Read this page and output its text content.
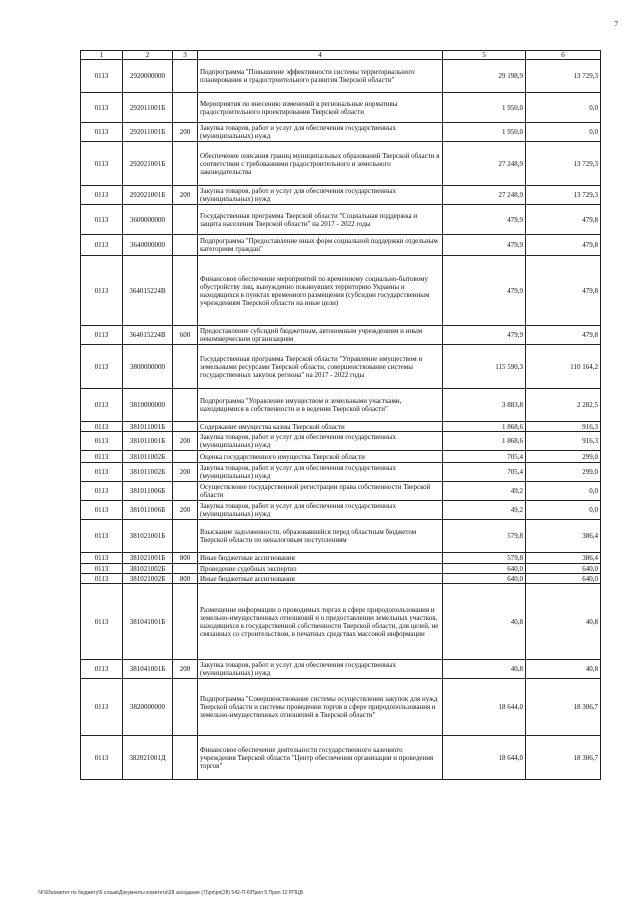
7
1	2	3	4	5	6
0113	2920000000		Подпрограмма "Повышение эффективности системы территориального планирования и градостроительного развития Тверской области"	29 198,9	13 729,3
0113	292011001Б		Мероприятия по внесению изменений в региональные нормативы градостроительного проектирования Тверской области	1 950,0	0,0
0113	292011001Б	200	Закупка товаров, работ и услуг для обеспечения государственных (муниципальных) нужд	1 950,0	0,0
0113	292021001Б		Обеспечение описания границ муниципальных образований Тверской области в соответствии с требованиями градостроительного и земельного законодательства	27 248,9	13 729,3
0113	292021001Б	200	Закупка товаров, работ и услуг для обеспечения государственных (муниципальных) нужд	27 248,9	13 729,3
0113	3600000000		Государственная программа Тверской области "Социальная поддержка и защита населения Тверской области" на 2017 - 2022 годы	479,9	479,8
0113	3640000000		Подпрограмма "Предоставление иных форм социальной поддержки отдельным категориям граждан"	479,9	479,8
0113	364015224В		Финансовое обеспечение мероприятий по временному социально-бытовому обустройству лиц, вынужденно покинувших территорию Украины и находящихся в пунктах временного размещения (субсидии государственным учреждениям Тверской области на иные цели)	479,9	479,8
0113	364015224В	600	Предоставление субсидий бюджетным, автономным учреждениям и иным некоммерческим организациям	479,9	479,8
0113	3800000000		Государственная программа Тверской области "Управление имуществом и земельными ресурсами Тверской области, совершенствование системы государственных закупок региона" на 2017 - 2022 годы	115 590,3	110 164,2
0113	3810000000		Подпрограмма "Управление имуществом и земельными участками, находящимися в собственности и в ведении Тверской области"	3 883,8	2 282,5
0113	381011001Б		Содержание имущества казны Тверской области	1 868,6	916,3
0113	381011001Б	200	Закупка товаров, работ и услуг для обеспечения государственных (муниципальных) нужд	1 868,6	916,3
0113	381011002Б		Оценка государственного имущества Тверской области	705,4	299,0
0113	381011002Б	200	Закупка товаров, работ и услуг для обеспечения государственных (муниципальных) нужд	705,4	299,0
0113	381011006Б		Осуществление государственной регистрации права собственности Тверской области	49,2	0,0
0113	381011006Б	200	Закупка товаров, работ и услуг для обеспечения государственных (муниципальных) нужд	49,2	0,0
0113	381021001Б		Взыскание задолженности, образовавшейся перед областным бюджетом Тверской области по неналоговым поступлениям	579,8	386,4
0113	381021001Б	800	Иные бюджетные ассигнования	579,8	386,4
0113	381021002Б		Проведение судебных экспертиз	640,0	640,0
0113	381021002Б	800	Иные бюджетные ассигнования	640,0	640,0
0113	381041001Б		Размещение информации о проводимых торгах в сфере природопользования и земельно-имущественных отношений и о предоставлении земельных участков, находящихся в государственной собственности Тверской области, для целей, не связанных со строительством, в печатных средствах массовой информации	40,8	40,8
0113	381041001Б	200	Закупка товаров, работ и услуг для обеспечения государственных (муниципальных) нужд	40,8	40,8
0113	3820000000		Подпрограмма "Совершенствование системы осуществления закупок для нужд Тверской области и системы проведения торгов в сфере природопользования и земельно-имущественных отношений в Тверской области"	18 644,0	18 306,7
0113	382021001Д		Финансовое обеспечение деятельности государственного казенного учреждения Тверской области "Центр обеспечения организации и проведения торгов"	18 644,0	18 306,7
\\FS0\комитет по бюджету\6 созыв\Документы комитета\28 заседание (7)\рп\рп(28) 542-П-6\Прил 5 Прил 12 РПЦВ
